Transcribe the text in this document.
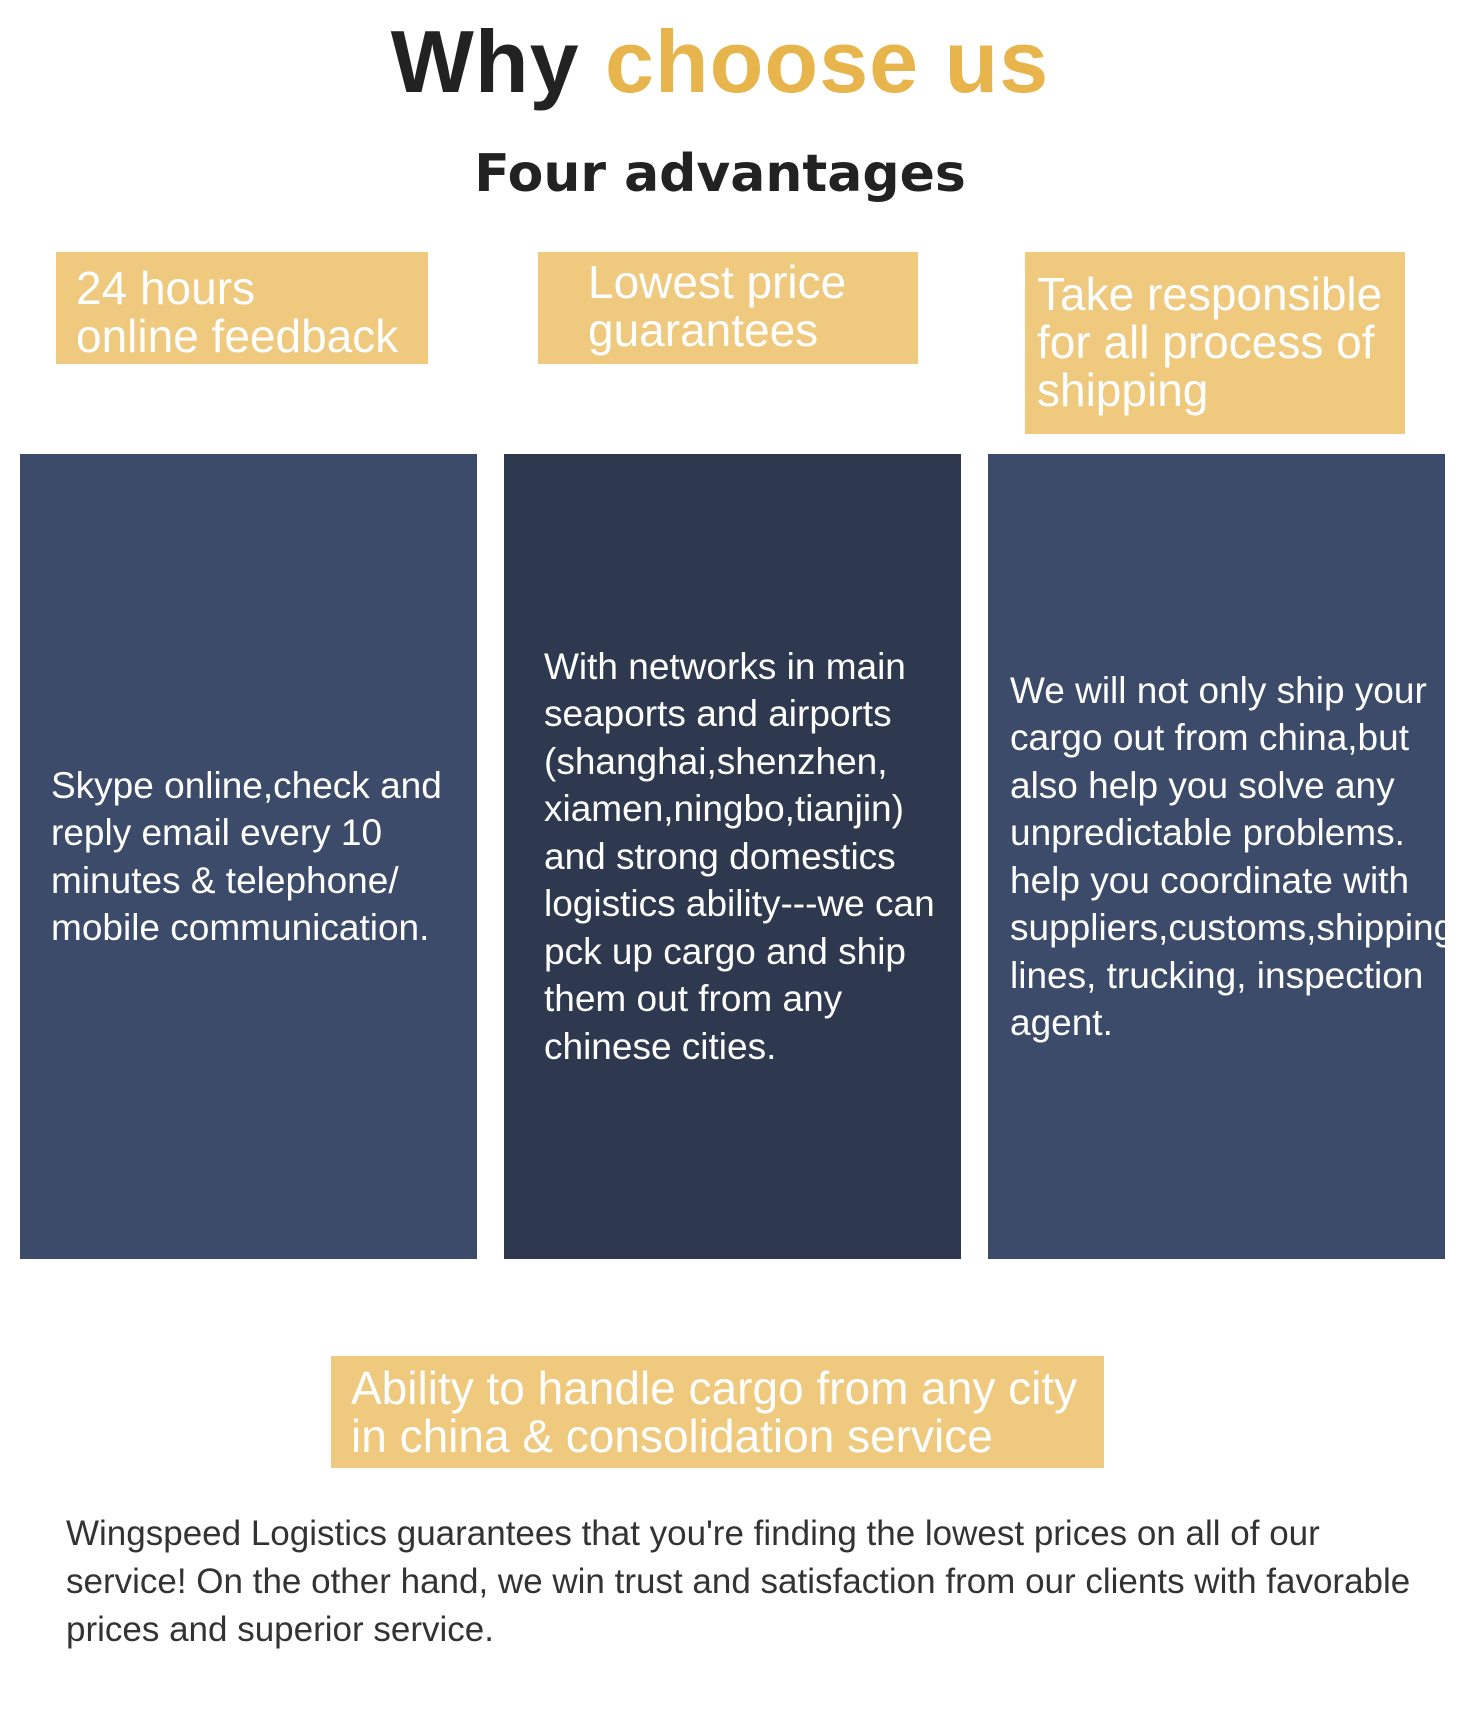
Why choose us
Four advantages
24 hours
online feedback
Lowest price
guarantees
Take responsible
for all process of
shipping

Skype online,check and reply email every 10 minutes & telephone/ mobile communication.

With networks in main seaports and airports (shanghai,shenzhen, xiamen,ningbo,tianjin) and strong domestics logistics ability---we can pck up cargo and ship them out from any chinese cities.

We will not only ship your cargo out from china,but also help you solve any unpredictable problems. help you coordinate with suppliers,customs,shipping lines, trucking, inspection agent.

Ability to handle cargo from any city
in china & consolidation service

Wingspeed Logistics guarantees that you're finding the lowest prices on all of our service! On the other hand, we win trust and satisfaction from our clients with favorable prices and superior service.
